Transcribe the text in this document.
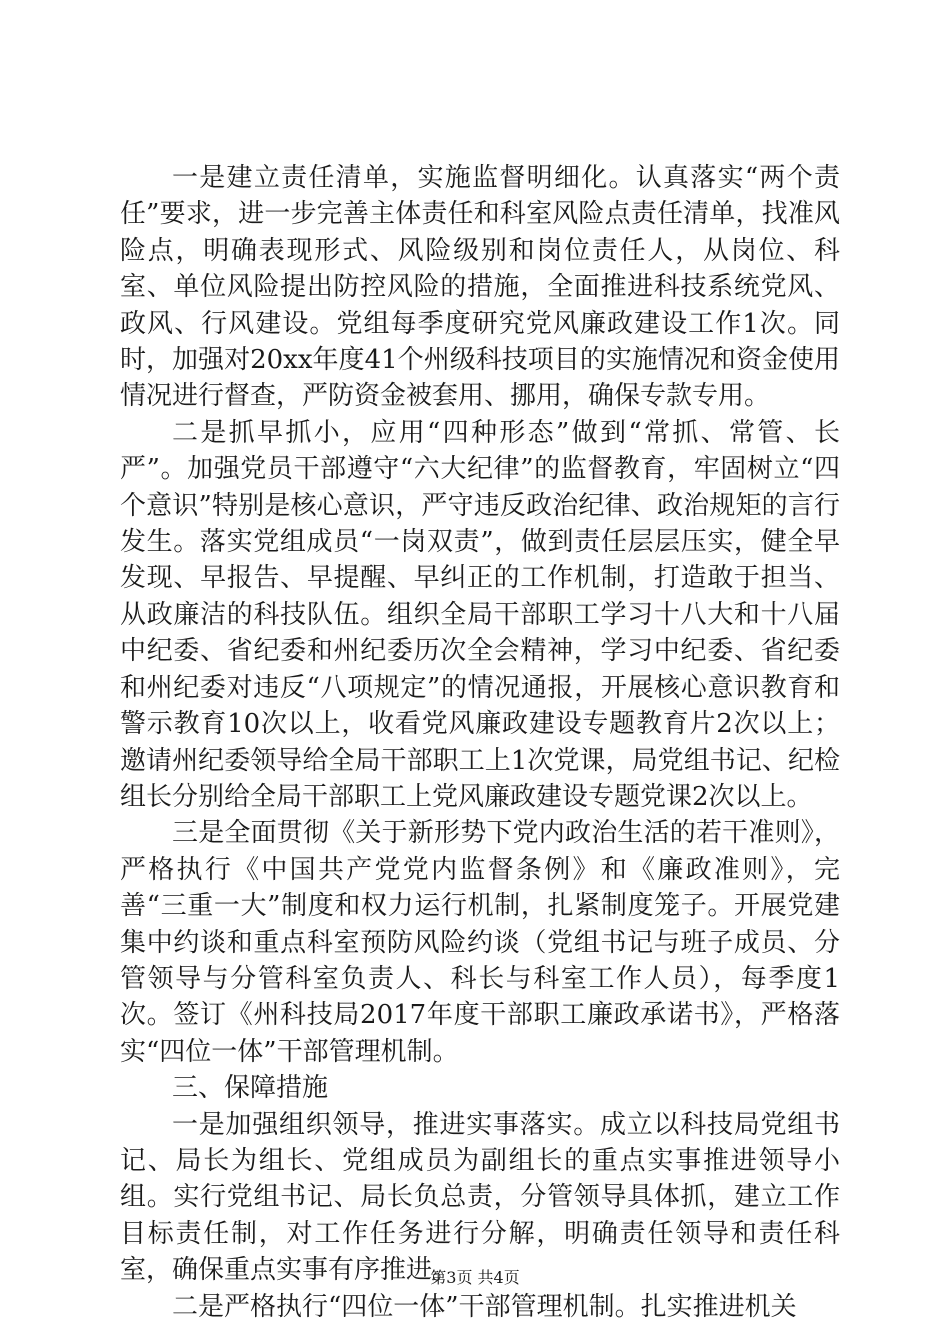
一是建立责任清单，实施监督明细化。认真落实“两个责任”要求，进一步完善主体责任和科室风险点责任清单，找准风险点，明确表现形式、风险级别和岗位责任人，从岗位、科室、单位风险提出防控风险的措施，全面推进科技系统党风、政风、行风建设。党组每季度研究党风廉政建设工作1次。同时，加强对20xx年度41个州级科技项目的实施情况和资金使用情况进行督查，严防资金被套用、挪用，确保专款专用。

二是抓早抓小，应用“四种形态”做到“常抓、常管、长严”。加强党员干部遵守“六大纪律”的监督教育，牢固树立“四个意识”特别是核心意识，严守违反政治纪律、政治规矩的言行发生。落实党组成员“一岗双责”，做到责任层层压实，健全早发现、早报告、早提醒、早纠正的工作机制，打造敢于担当、从政廉洁的科技队伍。组织全局干部职工学习十八大和十八届中纪委、省纪委和州纪委历次全会精神，学习中纪委、省纪委和州纪委对违反“八项规定”的情况通报，开展核心意识教育和警示教育10次以上，收看党风廉政建设专题教育片2次以上；邀请州纪委领导给全局干部职工上1次党课，局党组书记、纪检组长分别给全局干部职工上党风廉政建设专题党课2次以上。

三是全面贯彻《关于新形势下党内政治生活的若干准则》，严格执行《中国共产党党内监督条例》和《廉政准则》，完善“三重一大”制度和权力运行机制，扎紧制度笼子。开展党建集中约谈和重点科室预防风险约谈（党组书记与班子成员、分管领导与分管科室负责人、科长与科室工作人员），每季度1次。签订《州科技局2017年度干部职工廉政承诺书》，严格落实“四位一体”干部管理机制。

三、保障措施

一是加强组织领导，推进实事落实。成立以科技局党组书记、局长为组长、党组成员为副组长的重点实事推进领导小组。实行党组书记、局长负总责，分管领导具体抓，建立工作目标责任制，对工作任务进行分解，明确责任领导和责任科室，确保重点实事有序推进。

二是严格执行“四位一体”干部管理机制。扎实推进机关

第3页 共4页
